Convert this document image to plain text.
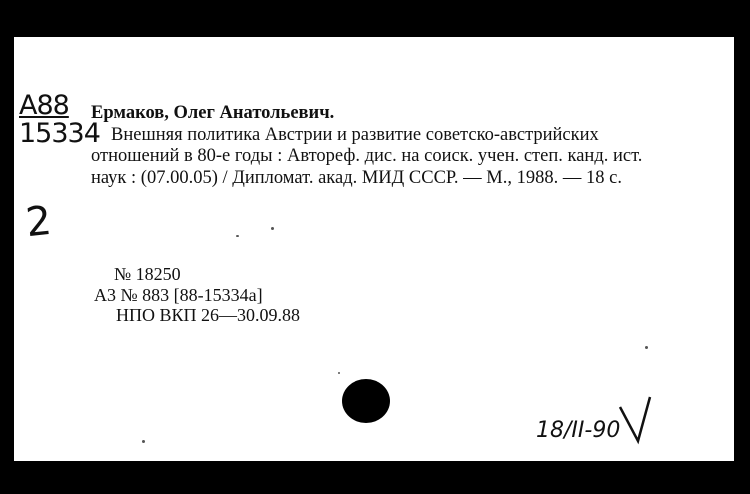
А88
15334
2
Ермаков, Олег Анатольевич.

Внешняя политика Австрии и развитие советско-австрийских отношений в 80-е годы : Автореф. дис. на соиск. учен. степ. канд. ист. наук : (07.00.05) / Дипломат. акад. МИД СССР. — М., 1988. — 18 с.

№ 18250
А3 № 883 [88-15334а]
НПО ВКП 26—30.09.88
18/II-90
